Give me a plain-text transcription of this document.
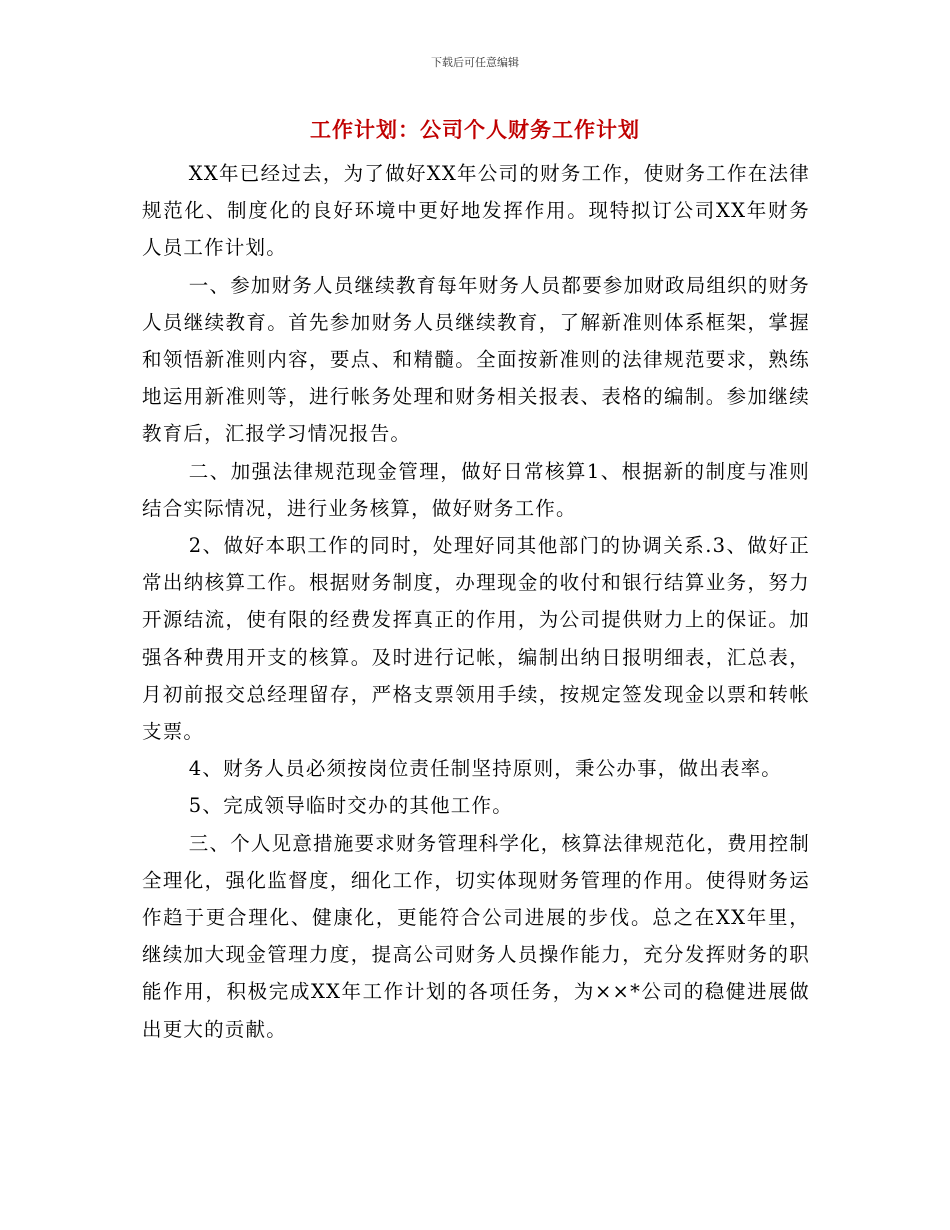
下载后可任意编辑
工作计划：公司个人财务工作计划

XX年已经过去，为了做好XX年公司的财务工作，使财务工作在法律规范化、制度化的良好环境中更好地发挥作用。现特拟订公司XX年财务人员工作计划。

一、参加财务人员继续教育每年财务人员都要参加财政局组织的财务人员继续教育。首先参加财务人员继续教育，了解新准则体系框架，掌握和领悟新准则内容，要点、和精髓。全面按新准则的法律规范要求，熟练地运用新准则等，进行帐务处理和财务相关报表、表格的编制。参加继续教育后，汇报学习情况报告。

二、加强法律规范现金管理，做好日常核算1、根据新的制度与准则结合实际情况，进行业务核算，做好财务工作。

2、做好本职工作的同时，处理好同其他部门的协调关系.3、做好正常出纳核算工作。根据财务制度，办理现金的收付和银行结算业务，努力开源结流，使有限的经费发挥真正的作用，为公司提供财力上的保证。加强各种费用开支的核算。及时进行记帐，编制出纳日报明细表，汇总表，月初前报交总经理留存，严格支票领用手续，按规定签发现金以票和转帐支票。

4、财务人员必须按岗位责任制坚持原则，秉公办事，做出表率。

5、完成领导临时交办的其他工作。

三、个人见意措施要求财务管理科学化，核算法律规范化，费用控制全理化，强化监督度，细化工作，切实体现财务管理的作用。使得财务运作趋于更合理化、健康化，更能符合公司进展的步伐。总之在XX年里，继续加大现金管理力度，提高公司财务人员操作能力，充分发挥财务的职能作用，积极完成XX年工作计划的各项任务，为××*公司的稳健进展做出更大的贡献。
